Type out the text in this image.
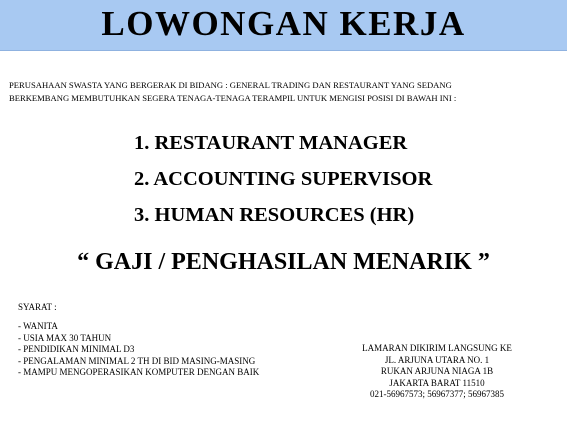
LOWONGAN KERJA
PERUSAHAAN SWASTA YANG BERGERAK DI BIDANG : GENERAL TRADING DAN RESTAURANT YANG SEDANG
BERKEMBANG MEMBUTUHKAN SEGERA TENAGA-TENAGA TERAMPIL UNTUK MENGISI POSISI DI BAWAH INI :
1. RESTAURANT MANAGER
2. ACCOUNTING SUPERVISOR
3. HUMAN RESOURCES (HR)
“ GAJI / PENGHASILAN MENARIK ”
SYARAT :
- WANITA
- USIA MAX 30 TAHUN
- PENDIDIKAN MINIMAL D3
- PENGALAMAN MINIMAL 2 TH DI BID MASING-MASING
- MAMPU MENGOPERASIKAN KOMPUTER DENGAN BAIK
LAMARAN DIKIRIM LANGSUNG KE
JL. ARJUNA UTARA NO. 1
RUKAN ARJUNA NIAGA 1B
JAKARTA BARAT 11510
021-56967573; 56967377; 56967385
